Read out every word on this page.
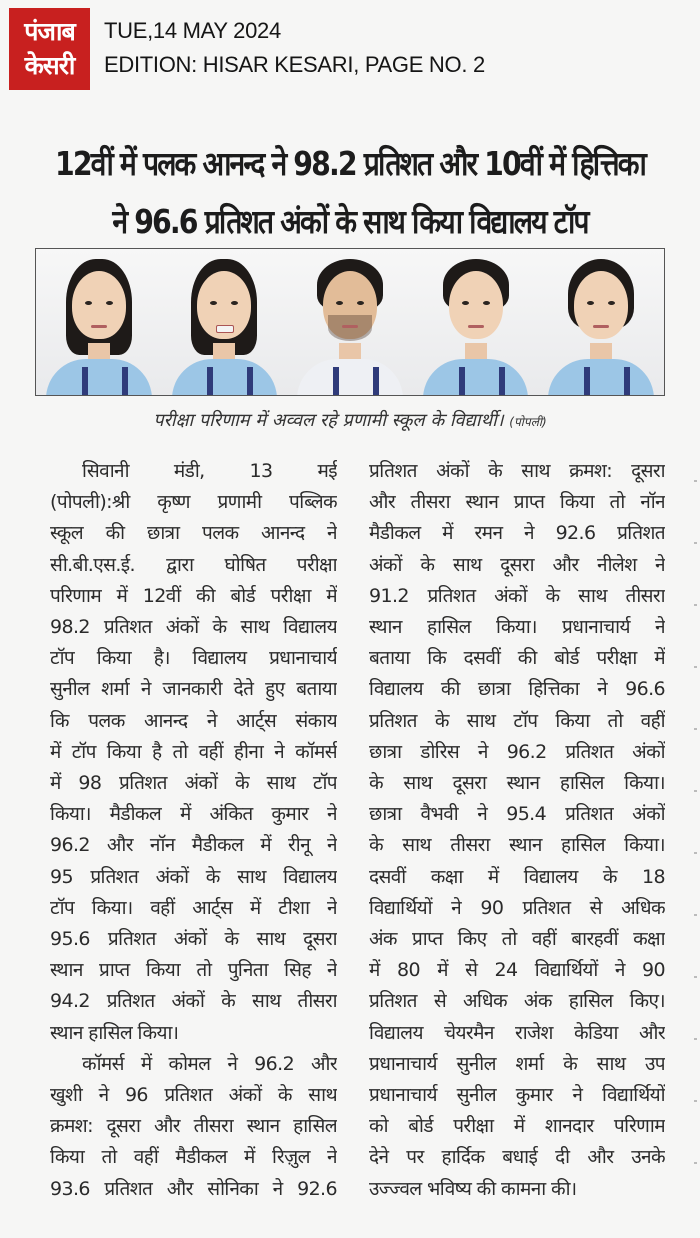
पंजाब
केसरी
TUE,14 MAY 2024
EDITION: HISAR KESARI, PAGE NO. 2
12वीं में पलक आनन्द ने 98.2 प्रतिशत और 10वीं में हित्तिका
ने 96.6 प्रतिशत अंकों के साथ किया विद्यालय टॉप
परीक्षा परिणाम में अव्वल रहे प्रणामी स्कूल के विद्यार्थी। (पोपली)
सिवानी मंडी, 13 मई
(पोपली):श्री कृष्ण प्रणामी पब्लिक
स्कूल की छात्रा पलक आनन्द ने
सी.बी.एस.ई. द्वारा घोषित परीक्षा
परिणाम में 12वीं की बोर्ड परीक्षा में
98.2 प्रतिशत अंकों के साथ विद्यालय
टॉप किया है। विद्यालय प्रधानाचार्य
सुनील शर्मा ने जानकारी देते हुए बताया
कि पलक आनन्द ने आर्ट्स संकाय
में टॉप किया है तो वहीं हीना ने कॉमर्स
में 98 प्रतिशत अंकों के साथ टॉप
किया। मैडीकल में अंकित कुमार ने
96.2 और नॉन मैडीकल में रीनू ने
95 प्रतिशत अंकों के साथ विद्यालय
टॉप किया। वहीं आर्ट्स में टीशा ने
95.6 प्रतिशत अंकों के साथ दूसरा
स्थान प्राप्त किया तो पुनिता सिह ने
94.2 प्रतिशत अंकों के साथ तीसरा
स्थान हासिल किया।
कॉमर्स में कोमल ने 96.2 और
खुशी ने 96 प्रतिशत अंकों के साथ
क्रमश: दूसरा और तीसरा स्थान हासिल
किया तो वहीं मैडीकल में रिज़ुल ने
93.6 प्रतिशत और सोनिका ने 92.6
प्रतिशत अंकों के साथ क्रमश: दूसरा
और तीसरा स्थान प्राप्त किया तो नॉन
मैडीकल में रमन ने 92.6 प्रतिशत
अंकों के साथ दूसरा और नीलेश ने
91.2 प्रतिशत अंकों के साथ तीसरा
स्थान हासिल किया। प्रधानाचार्य ने
बताया कि दसवीं की बोर्ड परीक्षा में
विद्यालय की छात्रा हित्तिका ने 96.6
प्रतिशत के साथ टॉप किया तो वहीं
छात्रा डोरिस ने 96.2 प्रतिशत अंकों
के साथ दूसरा स्थान हासिल किया।
छात्रा वैभवी ने 95.4 प्रतिशत अंकों
के साथ तीसरा स्थान हासिल किया।
दसवीं कक्षा में विद्यालय के 18
विद्यार्थियों ने 90 प्रतिशत से अधिक
अंक प्राप्त किए तो वहीं बारहवीं कक्षा
में 80 में से 24 विद्यार्थियों ने 90
प्रतिशत से अधिक अंक हासिल किए।
विद्यालय चेयरमैन राजेश केडिया और
प्रधानाचार्य सुनील शर्मा के साथ उप
प्रधानाचार्य सुनील कुमार ने विद्यार्थियों
को बोर्ड परीक्षा में शानदार परिणाम
देने पर हार्दिक बधाई दी और उनके
उज्ज्वल भविष्य की कामना की।
